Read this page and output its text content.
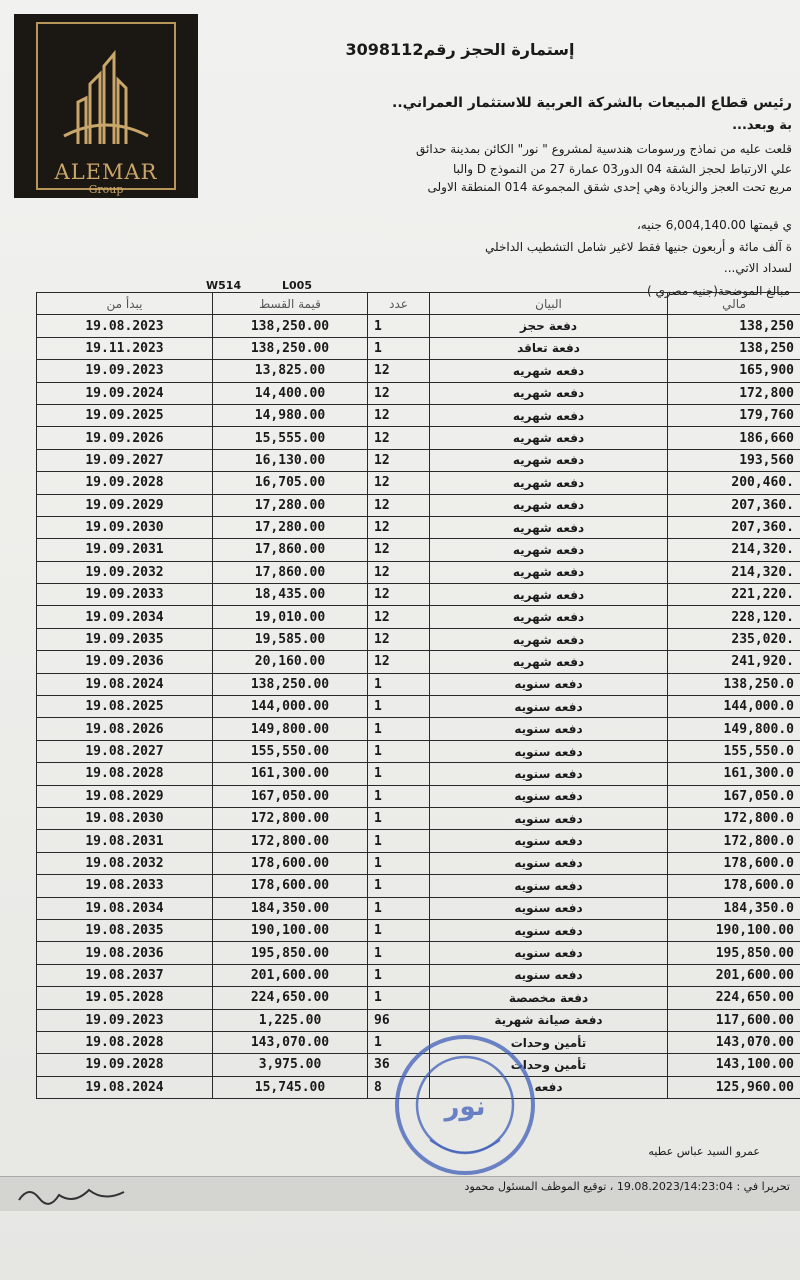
ALEMAR
Group
إستمارة الحجز رقم3098112
رئيس قطاع المبيعات بالشركة العربية للاستثمار العمراني..
بة وبعد...
قلعت عليه من نماذج ورسومات هندسية لمشروع " نور" الكائن بمدينة حدائق
علي الارتباط لحجز الشقة 04 الدور03 عمارة 27 من النموذج D والبا
مربع تحت العجز والزيادة وهي إحدى شقق المجموعة 014 المنطقة الاولى
ي قيمتها 6,004,140.00 جنيه،
ة آلف مائة و أربعون جنيها فقط لاغير شامل التشطيب الداخلي
لسداد الاتي...
W514	L005	مبالغ الموضحة(جنيه مصري )
يبدأ من	قيمة القسط	عدد	البيان	مالي
19.08.2023	138,250.00	1	دفعة حجز	138,250
19.11.2023	138,250.00	1	دفعة تعاقد	138,250
19.09.2023	13,825.00	12	دفعه شهريه	165,900
19.09.2024	14,400.00	12	دفعه شهريه	172,800
19.09.2025	14,980.00	12	دفعه شهريه	179,760
19.09.2026	15,555.00	12	دفعه شهريه	186,660
19.09.2027	16,130.00	12	دفعه شهريه	193,560
19.09.2028	16,705.00	12	دفعه شهريه	200,460.
19.09.2029	17,280.00	12	دفعه شهريه	207,360.
19.09.2030	17,280.00	12	دفعه شهريه	207,360.
19.09.2031	17,860.00	12	دفعه شهريه	214,320.
19.09.2032	17,860.00	12	دفعه شهريه	214,320.
19.09.2033	18,435.00	12	دفعه شهريه	221,220.
19.09.2034	19,010.00	12	دفعه شهريه	228,120.
19.09.2035	19,585.00	12	دفعه شهريه	235,020.
19.09.2036	20,160.00	12	دفعه شهريه	241,920.
19.08.2024	138,250.00	1	دفعه سنويه	138,250.0
19.08.2025	144,000.00	1	دفعه سنويه	144,000.0
19.08.2026	149,800.00	1	دفعه سنويه	149,800.0
19.08.2027	155,550.00	1	دفعه سنويه	155,550.0
19.08.2028	161,300.00	1	دفعه سنويه	161,300.0
19.08.2029	167,050.00	1	دفعه سنويه	167,050.0
19.08.2030	172,800.00	1	دفعه سنويه	172,800.0
19.08.2031	172,800.00	1	دفعه سنويه	172,800.0
19.08.2032	178,600.00	1	دفعه سنويه	178,600.0
19.08.2033	178,600.00	1	دفعه سنويه	178,600.0
19.08.2034	184,350.00	1	دفعه سنويه	184,350.0
19.08.2035	190,100.00	1	دفعه سنويه	190,100.00
19.08.2036	195,850.00	1	دفعه سنويه	195,850.00
19.08.2037	201,600.00	1	دفعه سنويه	201,600.00
19.05.2028	224,650.00	1	دفعة مخصصة	224,650.00
19.09.2023	1,225.00	96	دفعة صيانة شهرية	117,600.00
19.08.2028	143,070.00	1	تأمين وحدات	143,070.00
19.09.2028	3,975.00	36	تأمين وحدات	143,100.00
19.08.2024	15,745.00	8	دفعه	125,960.00
نور
عمرو السيد عباس عطيه
تحريرا في : 19.08.2023/14:23:04 ، توقيع الموظف المسئول محمود
